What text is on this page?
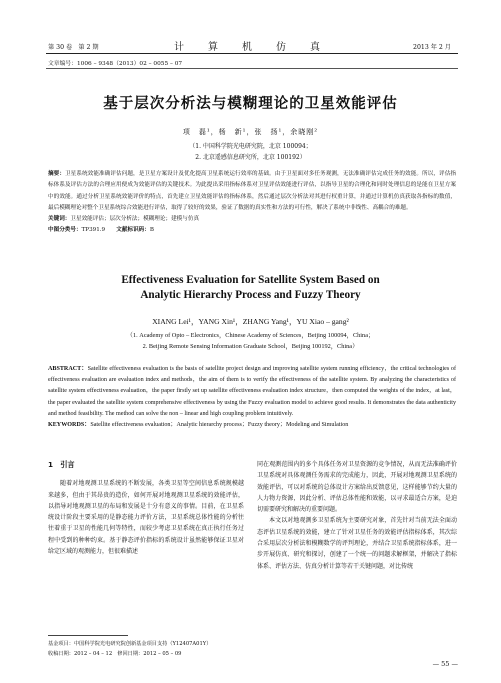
第 30 卷　第 2 期	计　算　机　仿　真	2013 年 2 月
文章编号：1006 – 9348（2013）02 – 0055 – 07
基于层次分析法与模糊理论的卫星效能评估
项　磊¹，杨　新¹，张　扬¹，余晓刚²
（1. 中国科学院光电研究院，北京 100094；
2. 北京遥感信息研究所，北京 100192）
摘要：卫星系统效能准确评估问题，是卫星方案设计及优化提高卫星系统运行效率的基础。由于卫星面对多任务观测，无法准确评估完成任务的效能。所以，评估指标体系及评估方法的合理应用便成为效能评估的关键技术。为此提出采用指标体系对卫星评估效能进行评估，以指导卫星的合理化和同时处理信息的是能在卫星方案中的效能。通过分析卫星系统效能评价的特点，首先建立卫星效能评估的指标体系，然后通过层次分析法对其进行权重计算，并通过计算机仿真获取各指标的数值，最后模糊理论对整个卫星系统综合效能进行评估，取得了较好的效果，验证了数据的真实性和方法的可行性，解决了系统中非线性、高耦合的难题。
关键词：卫星效能评估；层次分析法；模糊理论；建模与仿真
中图分类号：TP391.9　　 文献标识码：B
Effectiveness Evaluation for Satellite System Based on
Analytic Hierarchy Process and Fuzzy Theory
XIANG Lei¹，YANG Xin¹，ZHANG Yang¹，YU Xiao – gang²
（1. Academy of Opto – Electronics，Chinese Academy of Sciences，Beijing 100094，China；
2. Beijing Remote Sensing Information Graduate School，Beijing 100192，China）
ABSTRACT：Satellite effectiveness evaluation is the basis of satellite project design and improving satellite system running efficiency，the critical technologies of effectiveness evaluation are evaluation index and methods，the aim of them is to verify the effectiveness of the satellite system. By analyzing the characteristics of satellite system effectiveness evaluation，the paper firstly set up satellite effectiveness evaluation index structure，then computed the weights of the index，at last，the paper evaluated the satellite system comprehensive effectiveness by using the Fuzzy evaluation model to achieve good results. It demonstrates the data authenticity and method feasibility. The method can solve the non – linear and high coupling problem intuitively.
KEYWORDS：Satellite effectiveness evaluation；Analytic hierarchy process；Fuzzy theory；Modeling and Simulation
1　引言

随着对地观测卫星系统的不断发展，各类卫星等空间信息系统规模越来越多，但由于其昂贵的造价，如何开展对地观测卫星系统的效能评估，以指导对地观测卫星的布局和发展是十分有意义的事情。目前，在卫星系统设计阶段主要采用的是静态能力评价方法，卫星系统总体性能的分析往往着重于卫星的性能几何等特性，而较少考虑卫星系统在真正执行任务过程中受到的种种约束。基于静态评价指标的系统设计虽然能够保证卫星对给定区域的观测能力，但很难描述

同在观测范围内的多个具体任务对卫星资源的竞争情况，从而无法准确评价卫星系统对具体观测任务需求的完成能力，因此，开展对地观测卫星系统的效能评估，可以对系统的总体设计方案给出反馈意见，这样能够节约大量的人力物力资源，因此分析、评估总体性能和效能，以寻求最适合方案，是迫切需要研究和解决的重要问题。

本文以对地观测多卫星系统为主要研究对象，首先针对当前无法全面动态评估卫星系统的效能，建立了针对卫星任务的效能评估指标体系，其次综合采用层次分析法和模糊数学的评判理论，并结合卫星系统指标体系，进一步开展仿真、研究和探讨，创建了一个统一的问题求解框架，并解决了指标体系、评估方法、仿真分析计算等若干关键问题，对比传统

基金项目：中国科学院光电研究院创新基金项目支持（Y12407A01Y）
收稿日期：2012 – 04 – 12　修回日期：2012 – 05 – 09
— 55 —
